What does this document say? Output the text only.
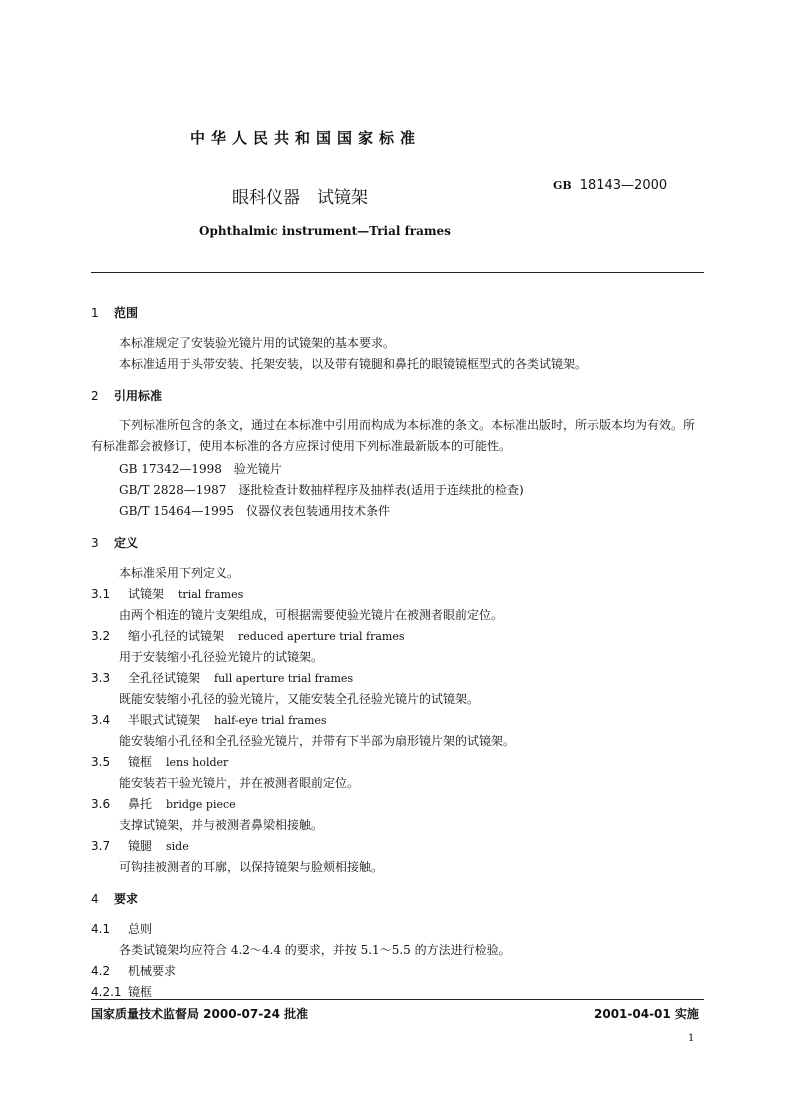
中华人民共和国国家标准
眼科仪器　试镜架
GB 18143—2000
Ophthalmic instrument—Trial frames
1 范围
本标准规定了安装验光镜片用的试镜架的基本要求。
本标准适用于头带安装、托架安装，以及带有镜腿和鼻托的眼镜镜框型式的各类试镜架。
2 引用标准
下列标准所包含的条文，通过在本标准中引用而构成为本标准的条文。本标准出版时，所示版本均为有效。所有标准都会被修订，使用本标准的各方应探讨使用下列标准最新版本的可能性。
GB 17342—1998　验光镜片
GB/T 2828—1987　逐批检查计数抽样程序及抽样表(适用于连续批的检查)
GB/T 15464—1995　仪器仪表包装通用技术条件
3 定义
本标准采用下列定义。
3.1 试镜架 trial frames
由两个相连的镜片支架组成，可根据需要使验光镜片在被测者眼前定位。
3.2 缩小孔径的试镜架 reduced aperture trial frames
用于安装缩小孔径验光镜片的试镜架。
3.3 全孔径试镜架 full aperture trial frames
既能安装缩小孔径的验光镜片，又能安装全孔径验光镜片的试镜架。
3.4 半眼式试镜架 half-eye trial frames
能安装缩小孔径和全孔径验光镜片，并带有下半部为扇形镜片架的试镜架。
3.5 镜框 lens holder
能安装若干验光镜片，并在被测者眼前定位。
3.6 鼻托 bridge piece
支撑试镜架，并与被测者鼻梁相接触。
3.7 镜腿 side
可钩挂被测者的耳廓，以保持镜架与脸颊相接触。
4 要求
4.1 总则
各类试镜架均应符合 4.2～4.4 的要求，并按 5.1～5.5 的方法进行检验。
4.2 机械要求
4.2.1 镜框
国家质量技术监督局 2000-07-24 批准	2001-04-01 实施
1
